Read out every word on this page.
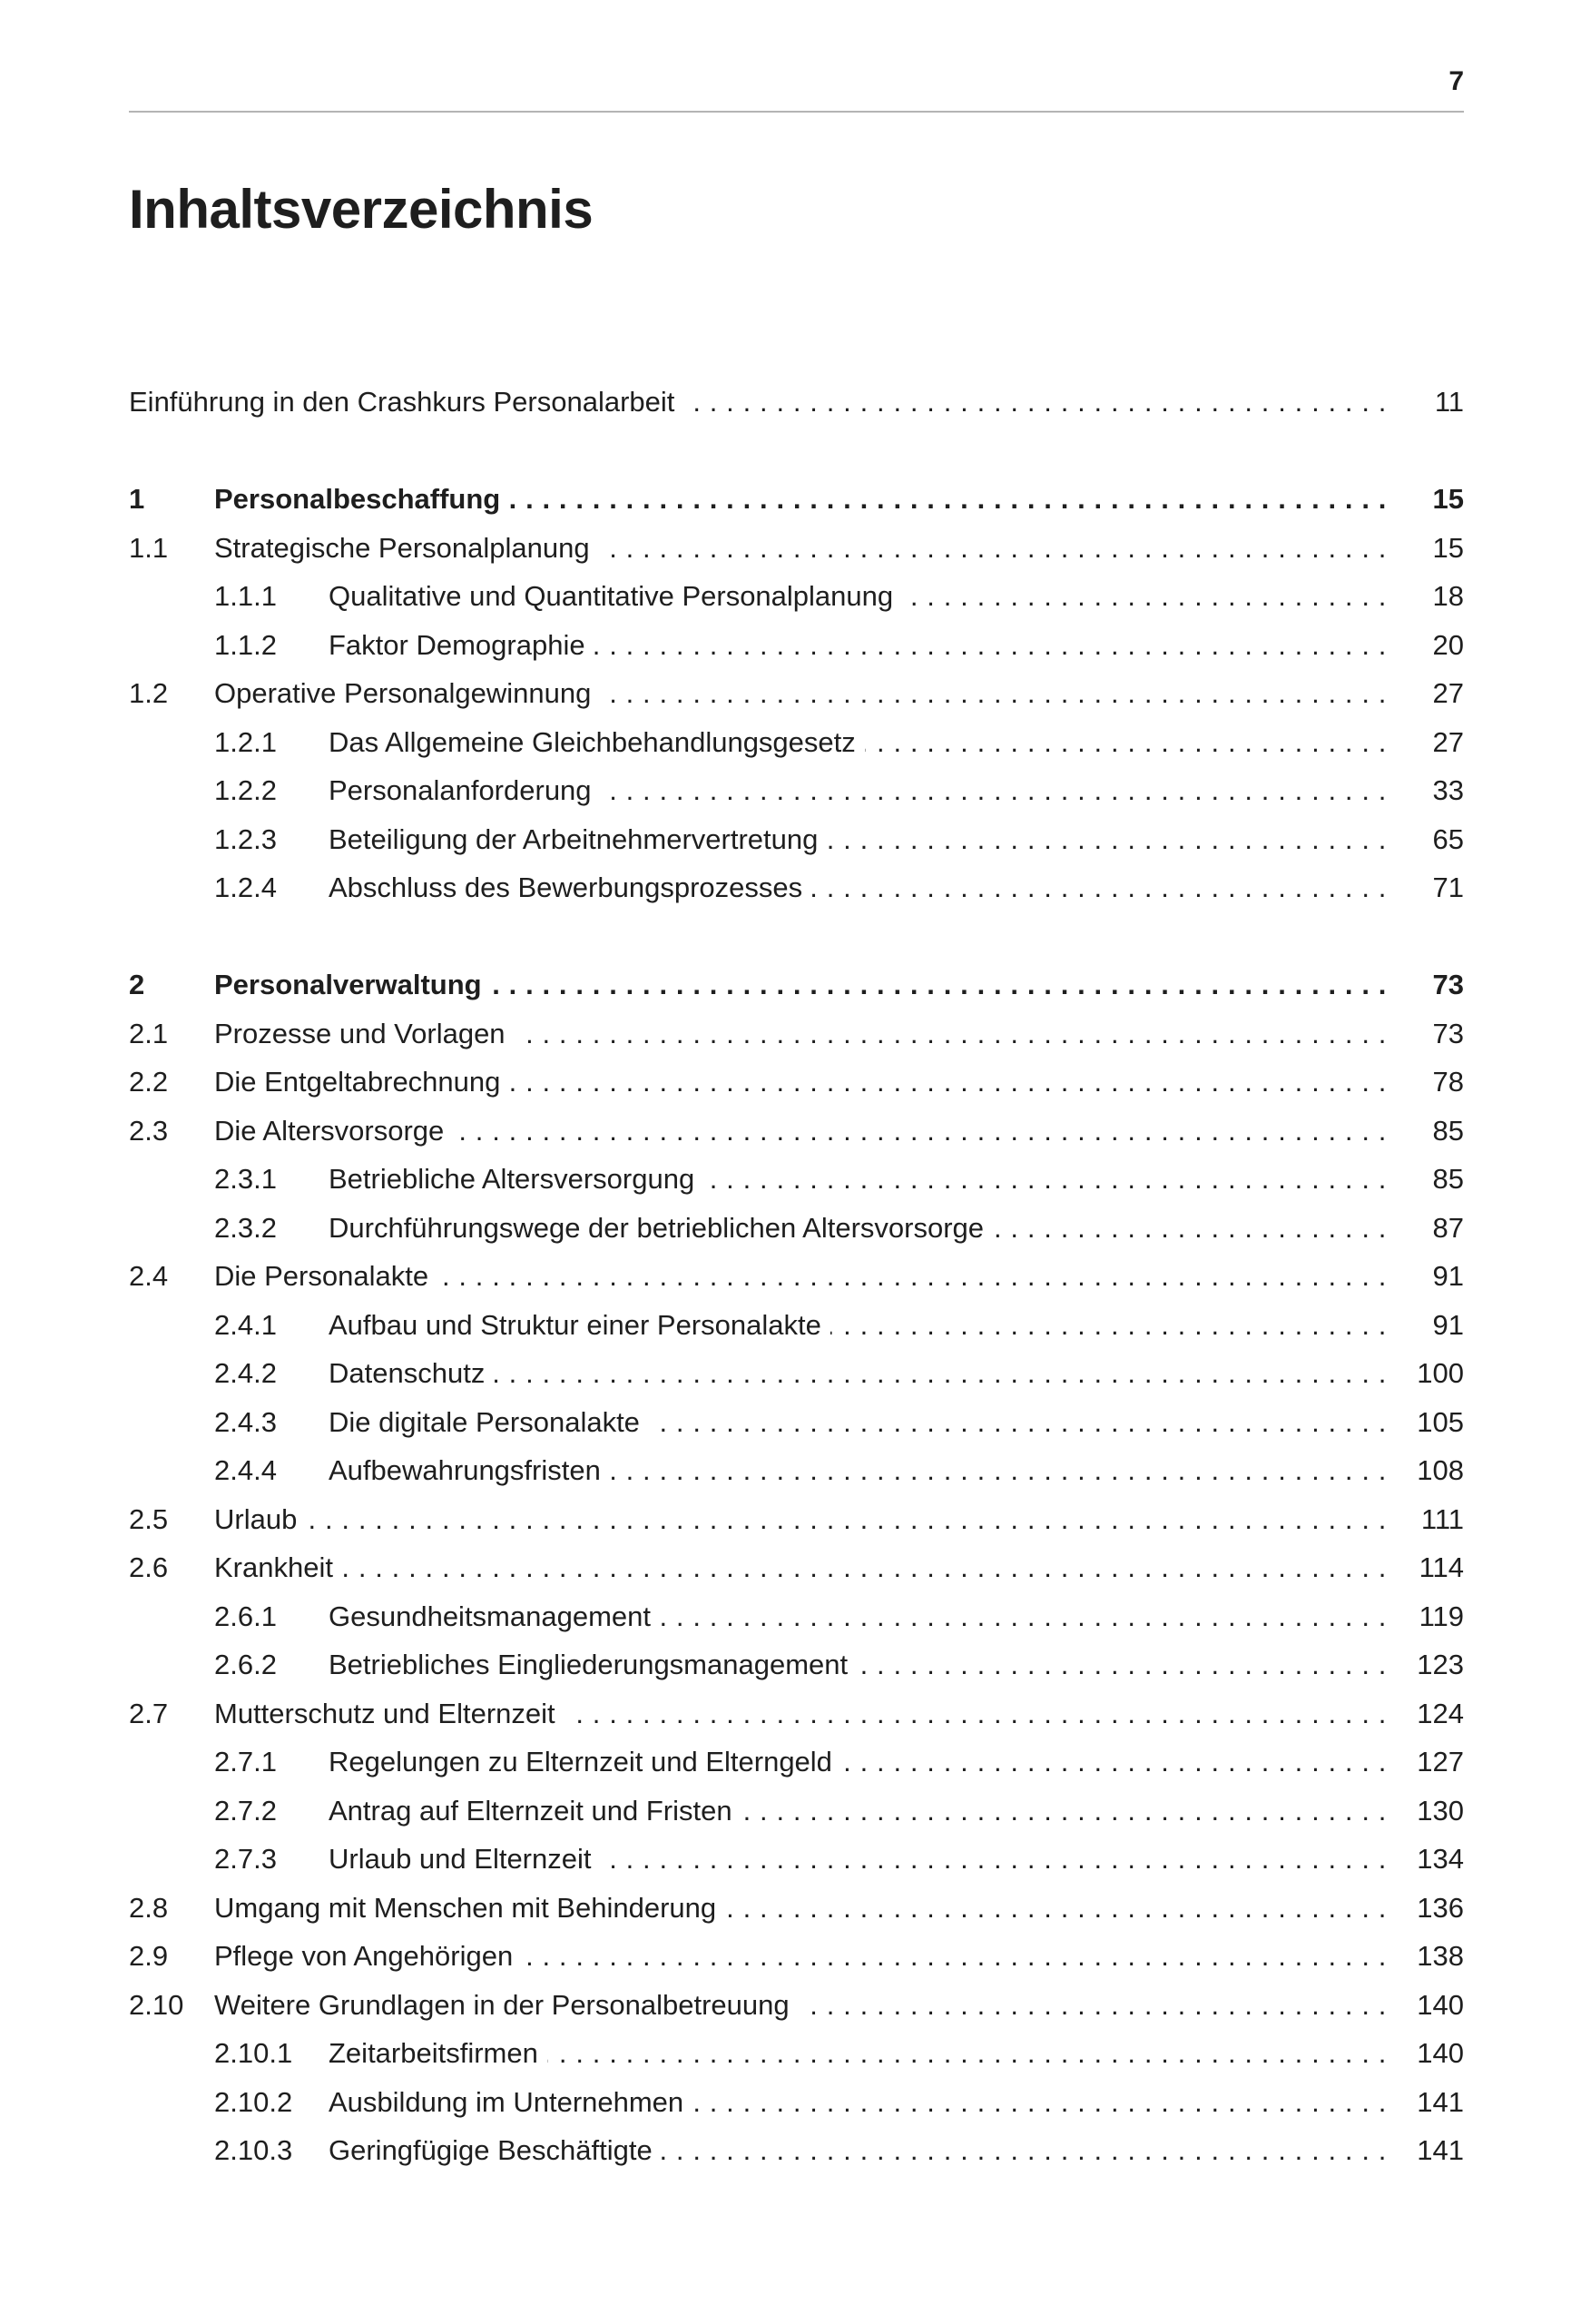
7
Inhaltsverzeichnis
Einführung in den Crashkurs Personalarbeit . . .	11
1 Personalbeschaffung . . .	15
1.1 Strategische Personalplanung . . .	15
1.1.1 Qualitative und Quantitative Personalplanung . . .	18
1.1.2 Faktor Demographie . . .	20
1.2 Operative Personalgewinnung . . .	27
1.2.1 Das Allgemeine Gleichbehandlungsgesetz . . .	27
1.2.2 Personalanforderung . . .	33
1.2.3 Beteiligung der Arbeitnehmervertretung . . .	65
1.2.4 Abschluss des Bewerbungsprozesses . . .	71
2 Personalverwaltung . . .	73
2.1 Prozesse und Vorlagen . . .	73
2.2 Die Entgeltabrechnung . . .	78
2.3 Die Altersvorsorge . . .	85
2.3.1 Betriebliche Altersversorgung . . .	85
2.3.2 Durchführungswege der betrieblichen Altersvorsorge . . .	87
2.4 Die Personalakte . . .	91
2.4.1 Aufbau und Struktur einer Personalakte . . .	91
2.4.2 Datenschutz . . .	100
2.4.3 Die digitale Personalakte . . .	105
2.4.4 Aufbewahrungsfristen . . .	108
2.5 Urlaub . . .	111
2.6 Krankheit . . .	114
2.6.1 Gesundheitsmanagement . . .	119
2.6.2 Betriebliches Eingliederungsmanagement . . .	123
2.7 Mutterschutz und Elternzeit . . .	124
2.7.1 Regelungen zu Elternzeit und Elterngeld . . .	127
2.7.2 Antrag auf Elternzeit und Fristen . . .	130
2.7.3 Urlaub und Elternzeit . . .	134
2.8 Umgang mit Menschen mit Behinderung . . .	136
2.9 Pflege von Angehörigen . . .	138
2.10 Weitere Grundlagen in der Personalbetreuung . . .	140
2.10.1 Zeitarbeitsfirmen . . .	140
2.10.2 Ausbildung im Unternehmen . . .	141
2.10.3 Geringfügige Beschäftigte . . .	141
